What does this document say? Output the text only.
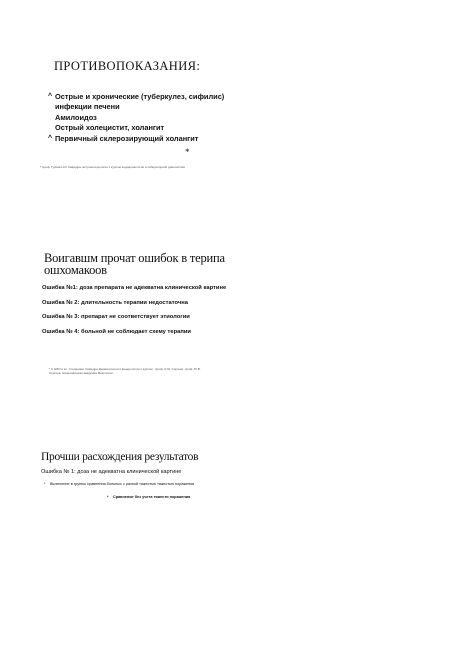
ПРОТИВОПОКАЗАНИЯ:
^ Острые и хронические (туберкулез, сифилис) инфекции печени
Амилоидоз
Острый холецистит, холангит
^ Первичный склерозирующий холангит
* проф. Гурова Н.И. Кафедра гастроэнтерологии с курсом эндокринологии и лабораторной диагностики
*
Воигавшм прочат ошибок в терипа ошхомакоов
Ошибка №1: доза препарата не адекватна клинической картине
Ошибка № 2: длительность терапии недостаточна
Ошибка № 3: препарат не соответствует этиологии
Ошибка № 4: больной не соблюдает схему терапии
* С НИИ и кл. Степанова. Кафедра Дерматологии и венерологии с курсом . проф. А.Ю. Сергеев. проф. Ю.В. Сергеев. Национальная академия Микологии
Прочши расхождения результатов
Ошибка № 1: доза не адекватна клинической картине
*	Включение в группы сравнения больных с разной тяжестью тяжестью поражения
*	Сравнение без учета тяжести поражения
